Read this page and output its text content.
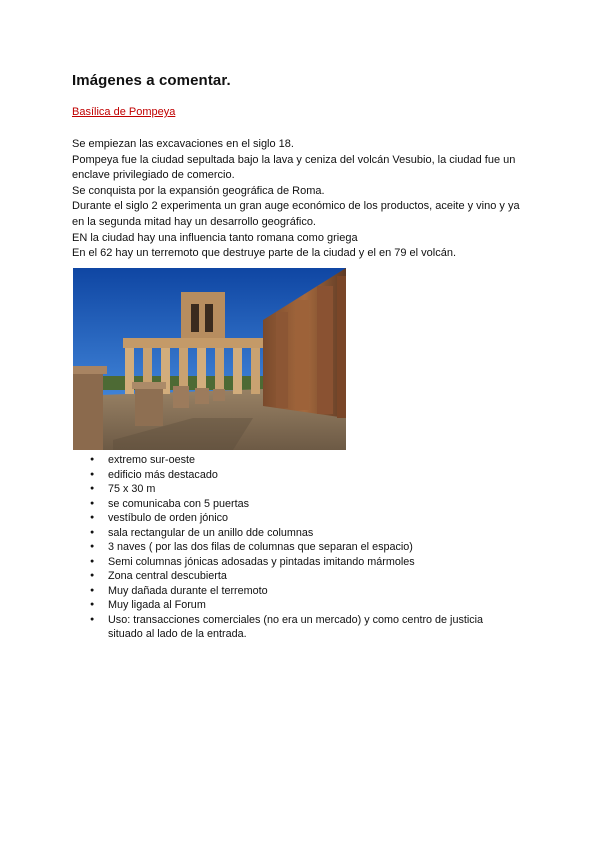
Imágenes a comentar.
Basílica de Pompeya
Se empiezan las excavaciones en el siglo 18.
Pompeya fue la ciudad sepultada bajo la lava y ceniza del volcán Vesubio, la ciudad fue un
enclave privilegiado de comercio.
Se conquista por la expansión geográfica de Roma.
Durante el siglo 2 experimenta un gran auge económico de los productos, aceite y vino y ya
en la segunda mitad hay un desarrollo geográfico.
EN la ciudad hay una influencia tanto romana como griega
En el 62 hay un terremoto que destruye parte de la ciudad y el en 79 el volcán.
● extremo sur-oeste
● edificio más destacado
● 75 x 30 m
● se comunicaba con 5 puertas
● vestíbulo de orden jónico
● sala rectangular de un anillo dde columnas
● 3 naves ( por las dos filas de columnas que separan el espacio)
● Semi columnas jónicas adosadas y pintadas imitando mármoles
● Zona central descubierta
● Muy dañada durante el terremoto
● Muy ligada al Forum
● Uso: transacciones comerciales (no era un mercado) y como centro de justicia situado al lado de la entrada.
